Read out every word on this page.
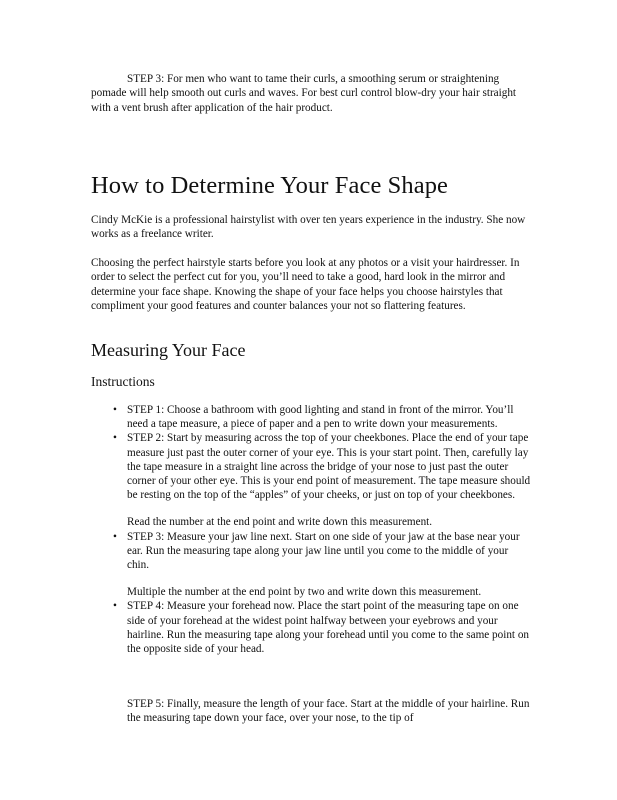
STEP 3: For men who want to tame their curls, a smoothing serum or straightening pomade will help smooth out curls and waves. For best curl control blow-dry your hair straight with a vent brush after application of the hair product.

How to Determine Your Face Shape

Cindy McKie is a professional hairstylist with over ten years experience in the industry. She now works as a freelance writer.

Choosing the perfect hairstyle starts before you look at any photos or a visit your hairdresser. In order to select the perfect cut for you, you’ll need to take a good, hard look in the mirror and determine your face shape. Knowing the shape of your face helps you choose hairstyles that compliment your good features and counter balances your not so flattering features.

Measuring Your Face
Instructions
• STEP 1: Choose a bathroom with good lighting and stand in front of the mirror. You’ll need a tape measure, a piece of paper and a pen to write down your measurements.
• STEP 2: Start by measuring across the top of your cheekbones. Place the end of your tape measure just past the outer corner of your eye. This is your start point. Then, carefully lay the tape measure in a straight line across the bridge of your nose to just past the outer corner of your other eye. This is your end point of measurement. The tape measure should be resting on the top of the “apples” of your cheeks, or just on top of your cheekbones.
Read the number at the end point and write down this measurement.
• STEP 3: Measure your jaw line next. Start on one side of your jaw at the base near your ear. Run the measuring tape along your jaw line until you come to the middle of your chin.
Multiple the number at the end point by two and write down this measurement.
• STEP 4: Measure your forehead now. Place the start point of the measuring tape on one side of your forehead at the widest point halfway between your eyebrows and your hairline. Run the measuring tape along your forehead until you come to the same point on the opposite side of your head.

STEP 5: Finally, measure the length of your face. Start at the middle of your hairline. Run the measuring tape down your face, over your nose, to the tip of
